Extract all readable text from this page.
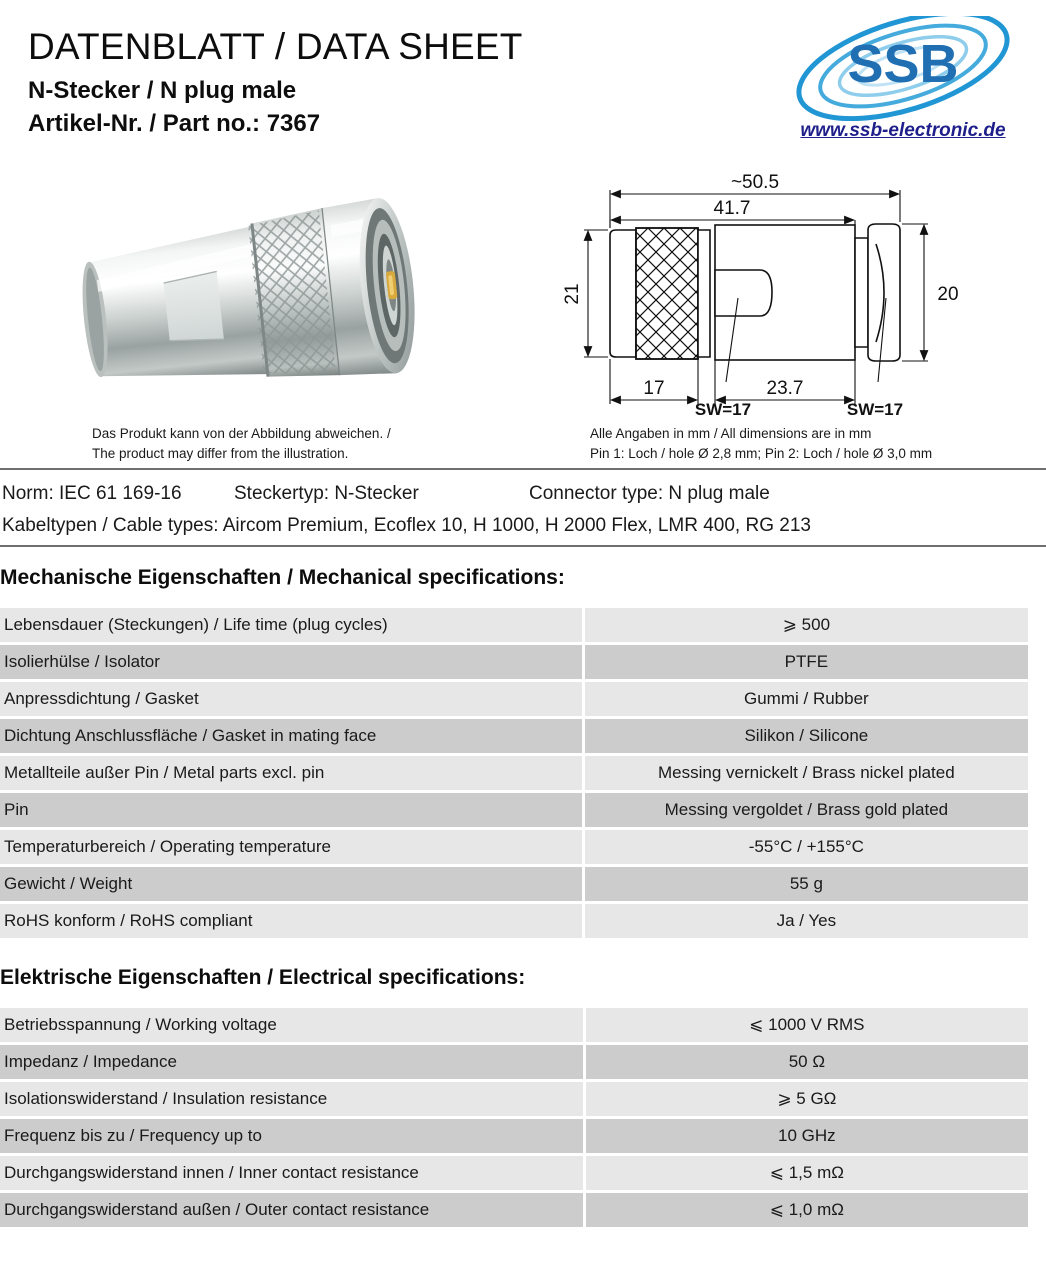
DATENBLATT / DATA SHEET
N-Stecker / N plug male
Artikel-Nr. / Part no.: 7367
SSB
www.ssb-electronic.de
Das Produkt kann von der Abbildung abweichen. /
The product may differ from the illustration.
~50.5
41.7
17	23.7
21	20
SW=17	SW=17
Alle Angaben in mm / All dimensions are in mm
Pin 1: Loch / hole Ø 2,8 mm; Pin 2: Loch / hole Ø 3,0 mm
Norm: IEC 61 169-16	Steckertyp: N-Stecker	Connector type: N plug male
Kabeltypen / Cable types: Aircom Premium, Ecoflex 10, H 1000, H 2000 Flex, LMR 400, RG 213
Mechanische Eigenschaften / Mechanical specifications:
Lebensdauer (Steckungen) / Life time (plug cycles)	⩾ 500
Isolierhülse / Isolator	PTFE
Anpressdichtung / Gasket	Gummi / Rubber
Dichtung Anschlussfläche / Gasket in mating face	Silikon / Silicone
Metallteile außer Pin / Metal parts excl. pin	Messing vernickelt / Brass nickel plated
Pin	Messing vergoldet / Brass gold plated
Temperaturbereich / Operating temperature	-55°C / +155°C
Gewicht / Weight	55 g
RoHS konform / RoHS compliant	Ja / Yes
Elektrische Eigenschaften / Electrical specifications:
Betriebsspannung / Working voltage	⩽ 1000 V RMS
Impedanz / Impedance	50 Ω
Isolationswiderstand / Insulation resistance	⩾ 5 GΩ
Frequenz bis zu / Frequency up to	10 GHz
Durchgangswiderstand innen / Inner contact resistance	⩽ 1,5 mΩ
Durchgangswiderstand außen / Outer contact resistance	⩽ 1,0 mΩ
